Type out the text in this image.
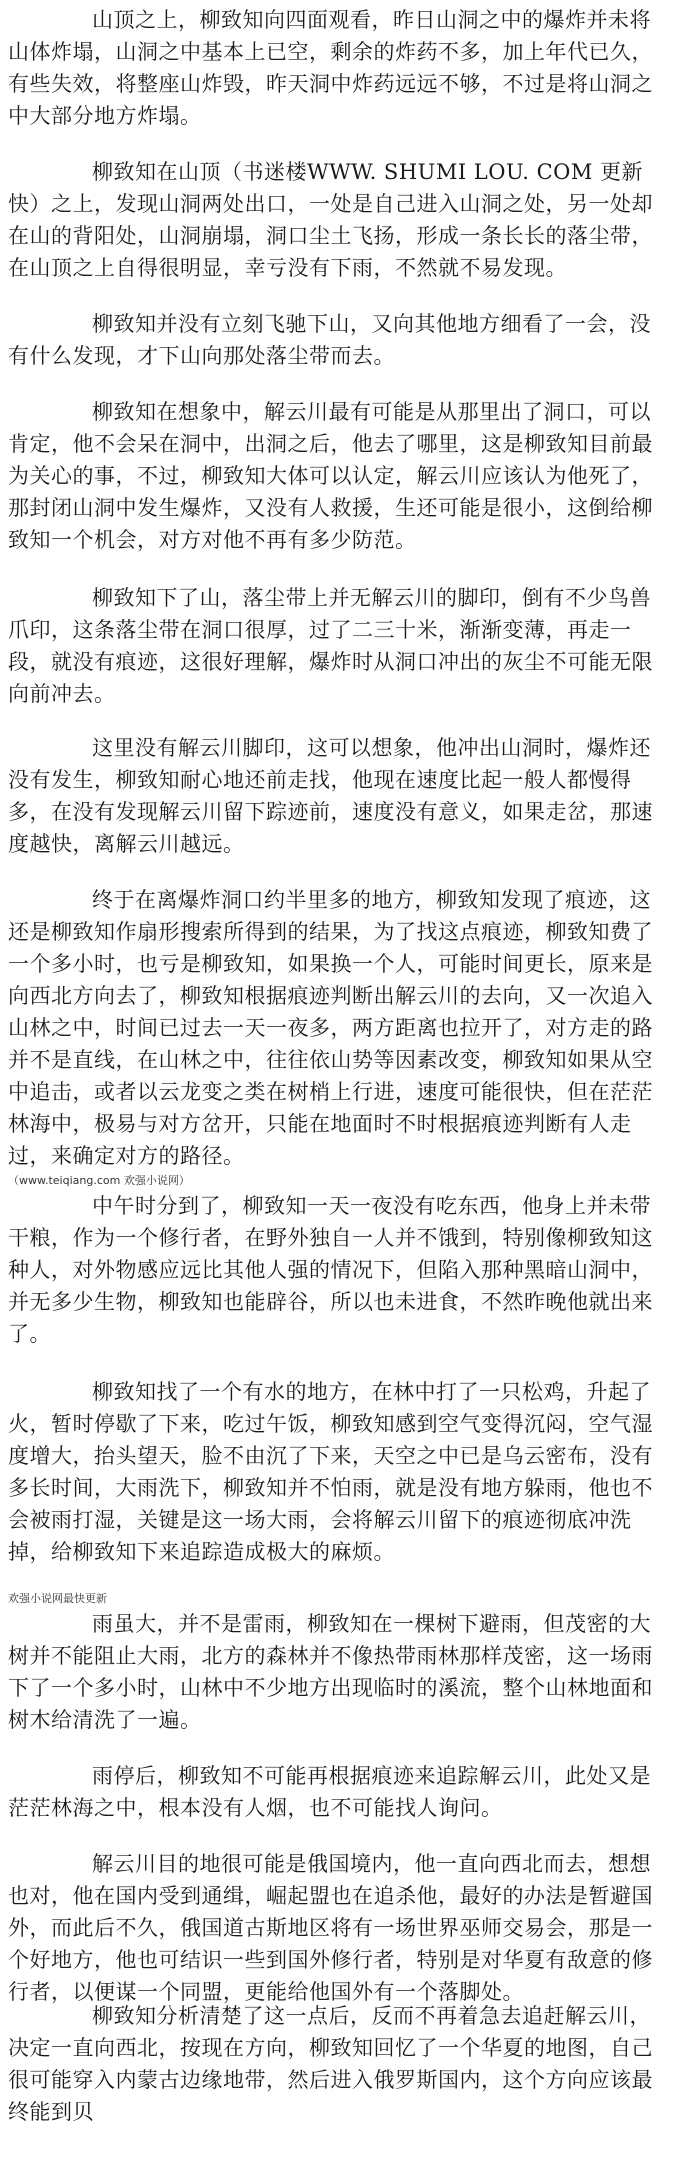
山顶之上，柳致知向四面观看，昨日山洞之中的爆炸并未将山体炸塌，山洞之中基本上已空，剩余的炸药不多，加上年代已久，有些失效，将整座山炸毁，昨天洞中炸药远远不够，不过是将山洞之中大部分地方炸塌。

柳致知在山顶（书迷楼WWW. SHUMI LOU. COM 更新快）之上，发现山洞两处出口，一处是自己进入山洞之处，另一处却在山的背阳处，山洞崩塌，洞口尘土飞扬，形成一条长长的落尘带，在山顶之上自得很明显，幸亏没有下雨，不然就不易发现。

柳致知并没有立刻飞驰下山，又向其他地方细看了一会，没有什么发现，才下山向那处落尘带而去。

柳致知在想象中，解云川最有可能是从那里出了洞口，可以肯定，他不会呆在洞中，出洞之后，他去了哪里，这是柳致知目前最为关心的事，不过，柳致知大体可以认定，解云川应该认为他死了，那封闭山洞中发生爆炸，又没有人救援，生还可能是很小，这倒给柳致知一个机会，对方对他不再有多少防范。

柳致知下了山，落尘带上并无解云川的脚印，倒有不少鸟兽爪印，这条落尘带在洞口很厚，过了二三十米，渐渐变薄，再走一段，就没有痕迹，这很好理解，爆炸时从洞口冲出的灰尘不可能无限向前冲去。

这里没有解云川脚印，这可以想象，他冲出山洞时，爆炸还没有发生，柳致知耐心地还前走找，他现在速度比起一般人都慢得多，在没有发现解云川留下踪迹前，速度没有意义，如果走岔，那速度越快，离解云川越远。

终于在离爆炸洞口约半里多的地方，柳致知发现了痕迹，这还是柳致知作扇形搜索所得到的结果，为了找这点痕迹，柳致知费了一个多小时，也亏是柳致知，如果换一个人，可能时间更长，原来是向西北方向去了，柳致知根据痕迹判断出解云川的去向，又一次追入山林之中，时间已过去一天一夜多，两方距离也拉开了，对方走的路并不是直线，在山林之中，往往依山势等因素改变，柳致知如果从空中追击，或者以云龙变之类在树梢上行进，速度可能很快，但在茫茫林海中，极易与对方岔开，只能在地面时不时根据痕迹判断有人走过，来确定对方的路径。

（www.teiqiang.com 欢强小说网）

中午时分到了，柳致知一天一夜没有吃东西，他身上并未带干粮，作为一个修行者，在野外独自一人并不饿到，特别像柳致知这种人，对外物感应远比其他人强的情况下，但陷入那种黑暗山洞中，并无多少生物，柳致知也能辟谷，所以也未进食，不然昨晚他就出来了。

柳致知找了一个有水的地方，在林中打了一只松鸡，升起了火，暂时停歇了下来，吃过午饭，柳致知感到空气变得沉闷，空气湿度增大，抬头望天，脸不由沉了下来，天空之中已是乌云密布，没有多长时间，大雨洗下，柳致知并不怕雨，就是没有地方躲雨，他也不会被雨打湿，关键是这一场大雨，会将解云川留下的痕迹彻底冲洗掉，给柳致知下来追踪造成极大的麻烦。

欢强小说网最快更新

雨虽大，并不是雷雨，柳致知在一棵树下避雨，但茂密的大树并不能阻止大雨，北方的森林并不像热带雨林那样茂密，这一场雨下了一个多小时，山林中不少地方出现临时的溪流，整个山林地面和树木给清洗了一遍。

雨停后，柳致知不可能再根据痕迹来追踪解云川，此处又是茫茫林海之中，根本没有人烟，也不可能找人询问。

解云川目的地很可能是俄国境内，他一直向西北而去，想想也对，他在国内受到通缉，崛起盟也在追杀他，最好的办法是暂避国外，而此后不久，俄国道古斯地区将有一场世界巫师交易会，那是一个好地方，他也可结识一些到国外修行者，特别是对华夏有敌意的修行者，以便谋一个同盟，更能给他国外有一个落脚处。

柳致知分析清楚了这一点后，反而不再着急去追赶解云川，决定一直向西北，按现在方向，柳致知回忆了一个华夏的地图，自己很可能穿入内蒙古边缘地带，然后进入俄罗斯国内，这个方向应该最终能到贝
